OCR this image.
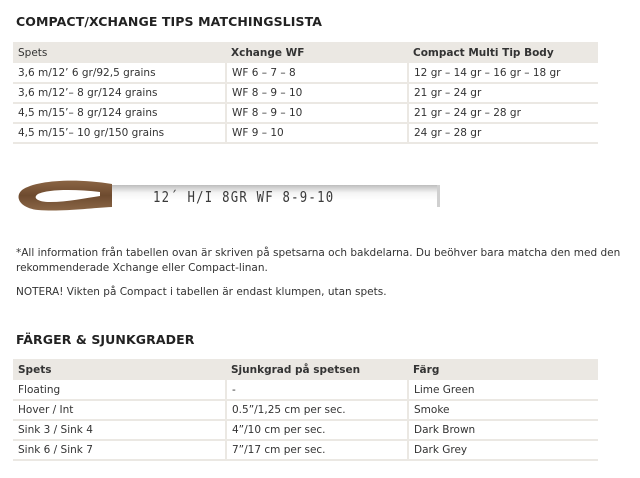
COMPACT/XCHANGE TIPS MATCHINGSLISTA
Spets	Xchange WF	Compact Multi Tip Body
3,6 m/12’ 6 gr/92,5 grains	WF 6 – 7 – 8	12 gr – 14 gr – 16 gr – 18 gr
3,6 m/12’– 8 gr/124 grains	WF 8 – 9 – 10	21 gr – 24 gr
4,5 m/15’– 8 gr/124 grains	WF 8 – 9 – 10	21 gr – 24 gr – 28 gr
4,5 m/15’– 10 gr/150 grains	WF 9 – 10	24 gr – 28 gr
12´ H/I 8GR WF 8-9-10
*All information från tabellen ovan är skriven på spetsarna och bakdelarna. Du beöhver bara matcha den med den rekommenderade Xchange eller Compact-linan.
NOTERA! Vikten på Compact i tabellen är endast klumpen, utan spets.
FÄRGER & SJUNKGRADER
Spets	Sjunkgrad på spetsen	Färg
Floating	-	Lime Green
Hover / Int	0.5”/1,25 cm per sec.	Smoke
Sink 3 / Sink 4	4”/10 cm per sec.	Dark Brown
Sink 6 / Sink 7	7”/17 cm per sec.	Dark Grey
